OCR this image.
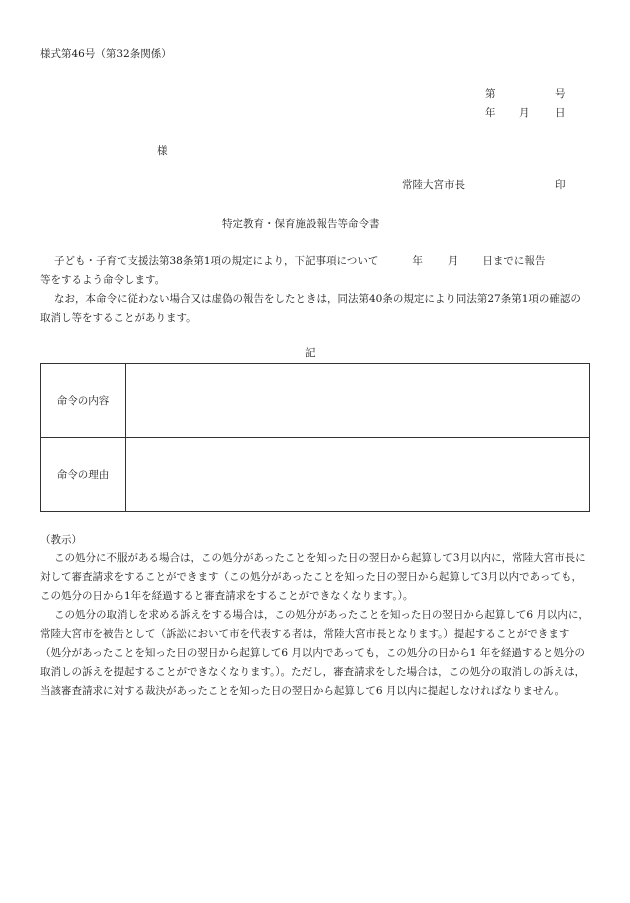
様式第46号（第32条関係）
第	号
年 月 日
様
常陸大宮市長	印
特定教育・保育施設報告等命令書
子ども・子育て支援法第38条第1項の規定により，下記事項について	年 月 日までに報告
等をするよう命令します。
なお，本命令に従わない場合又は虚偽の報告をしたときは，同法第40条の規定により同法第27条第1項の確認の取消し等をすることがあります。
記
命令の内容	
命令の理由	
（教示）
この処分に不服がある場合は，この処分があったことを知った日の翌日から起算して3月以内に，常陸大宮市長に対して審査請求をすることができます（この処分があったことを知った日の翌日から起算して3月以内であっても，この処分の日から1年を経過すると審査請求をすることができなくなります。）。
この処分の取消しを求める訴えをする場合は，この処分があったことを知った日の翌日から起算して6 月以内に，常陸大宮市を被告として（訴訟において市を代表する者は，常陸大宮市長となります。）提起することができます（処分があったことを知った日の翌日から起算して6 月以内であっても，この処分の日から1 年を経過すると処分の取消しの訴えを提起することができなくなります。）。ただし，審査請求をした場合は，この処分の取消しの訴えは，当該審査請求に対する裁決があったことを知った日の翌日から起算して6 月以内に提起しなければなりません。
